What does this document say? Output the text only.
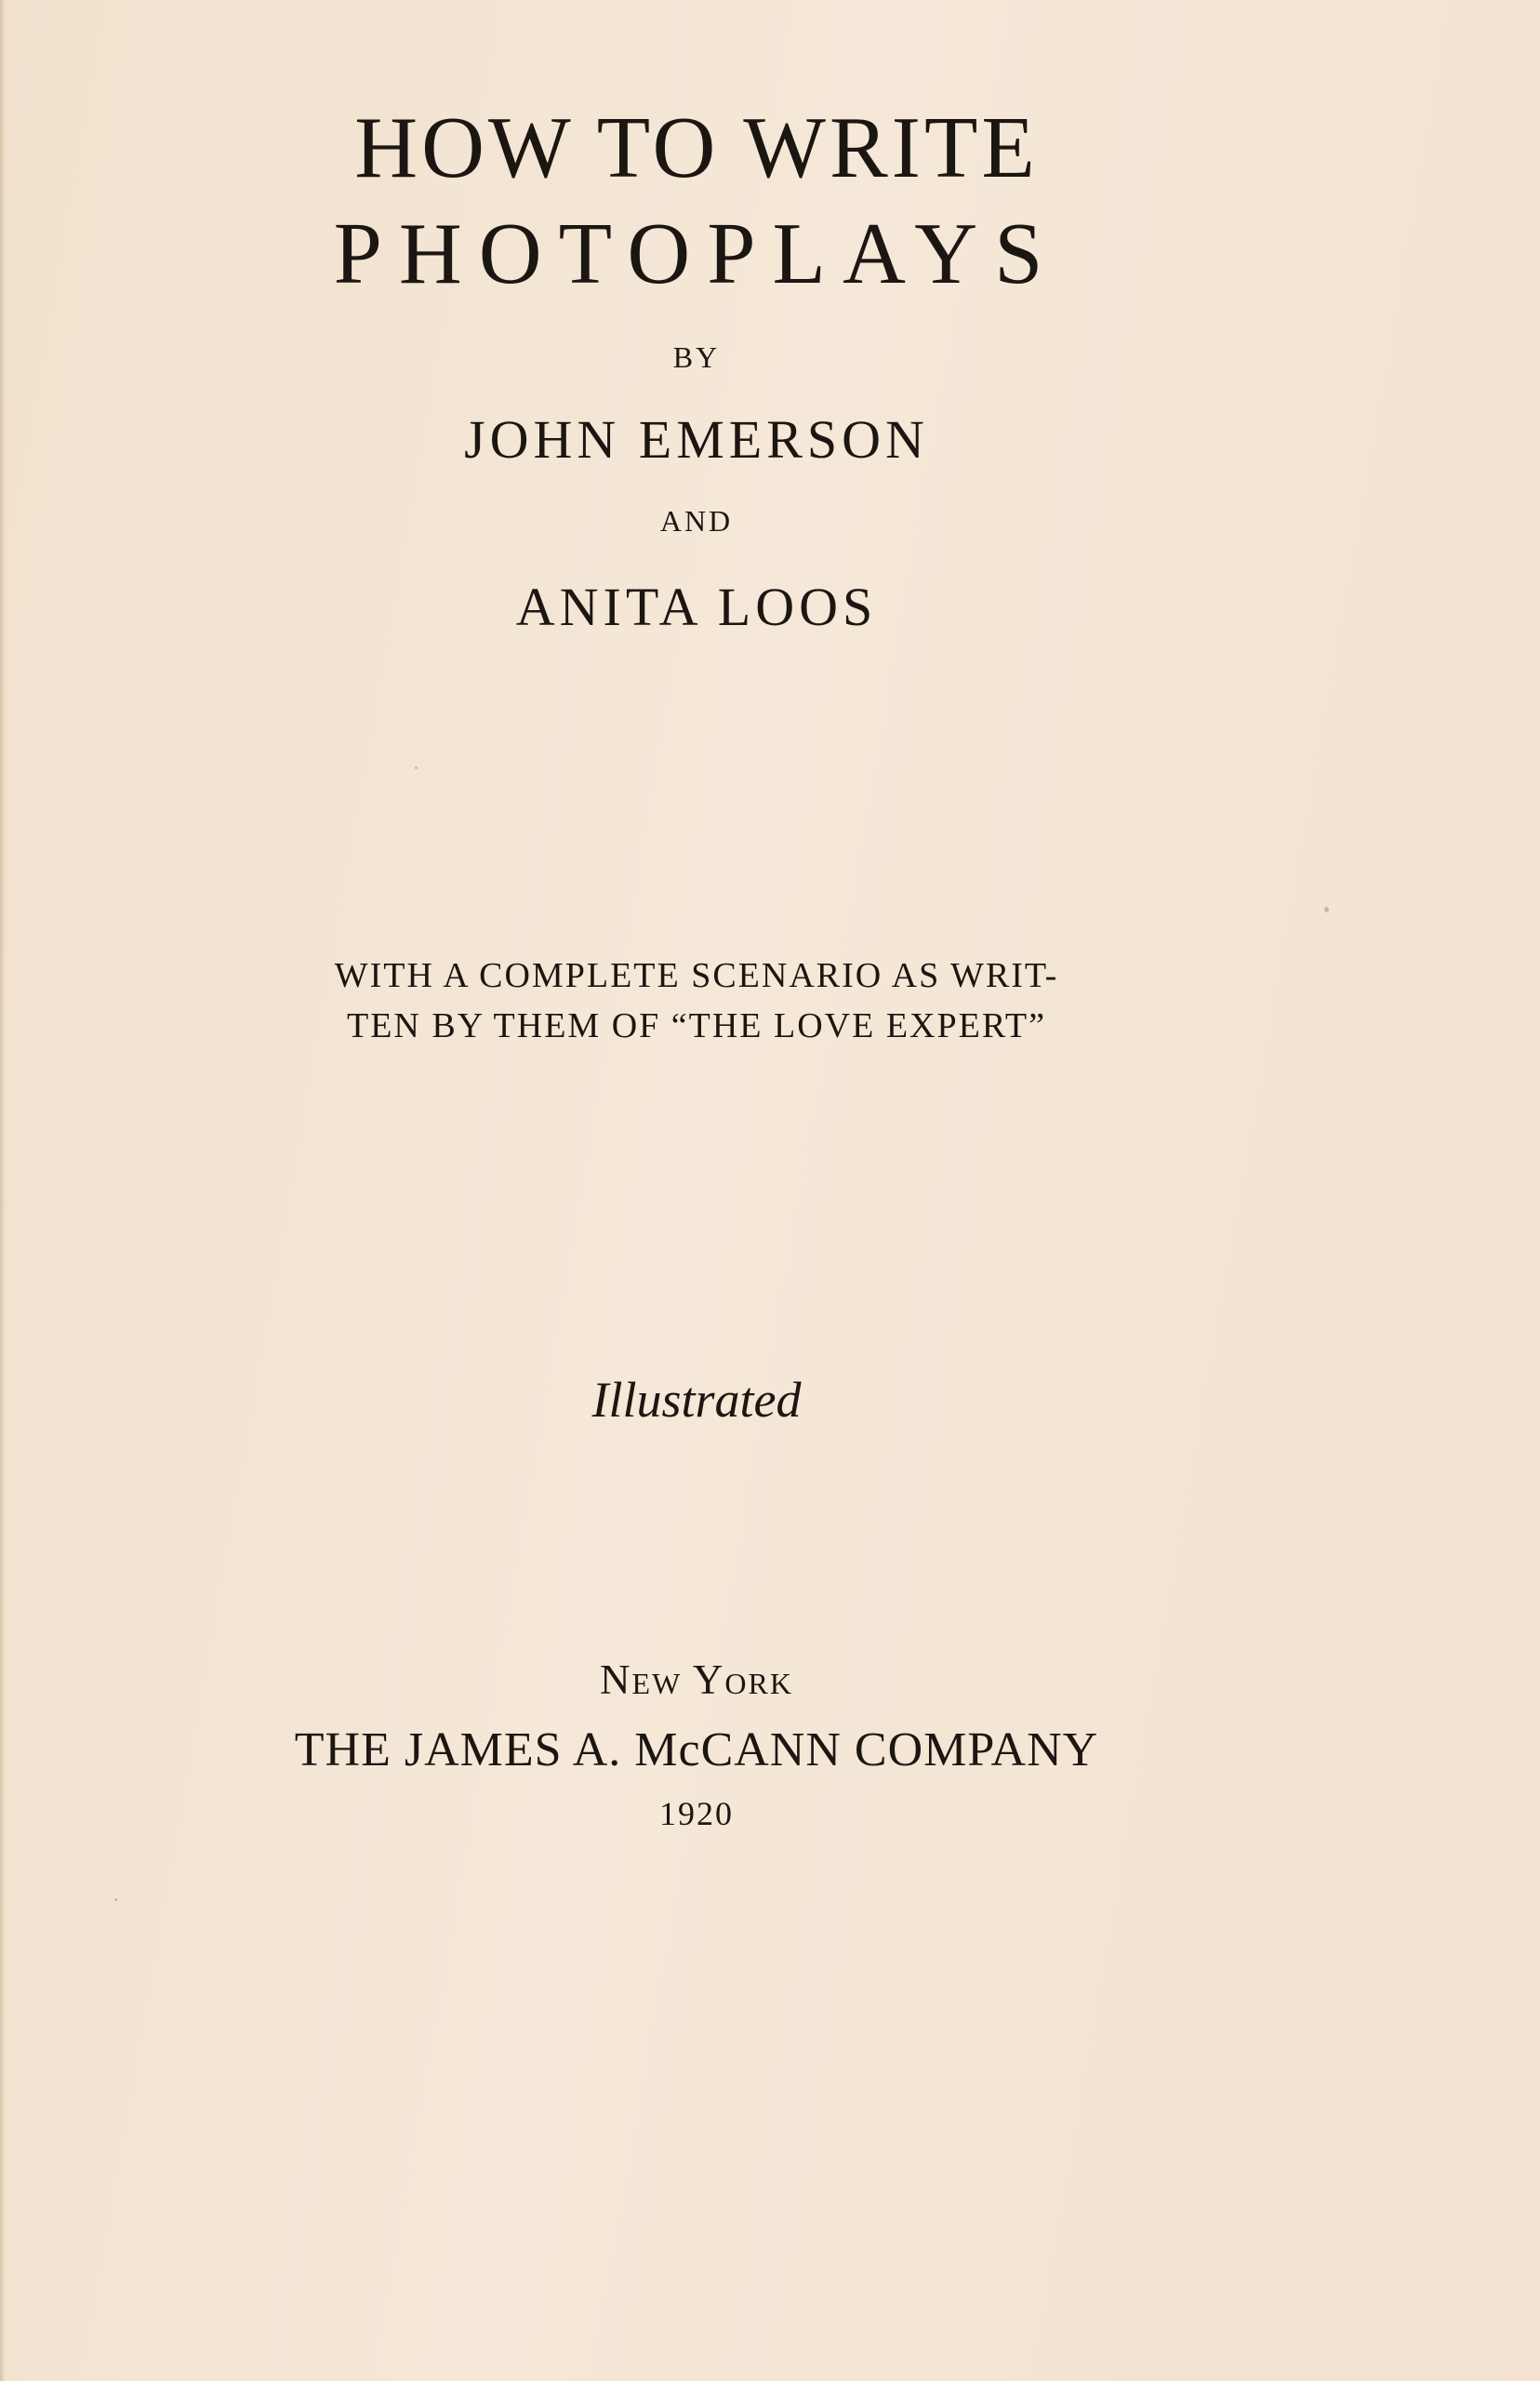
HOW TO WRITE
PHOTOPLAYS
BY
JOHN EMERSON
AND
ANITA LOOS
WITH A COMPLETE SCENARIO AS WRIT-
TEN BY THEM OF “THE LOVE EXPERT”
Illustrated
New York
THE JAMES A. McCANN COMPANY
1920
